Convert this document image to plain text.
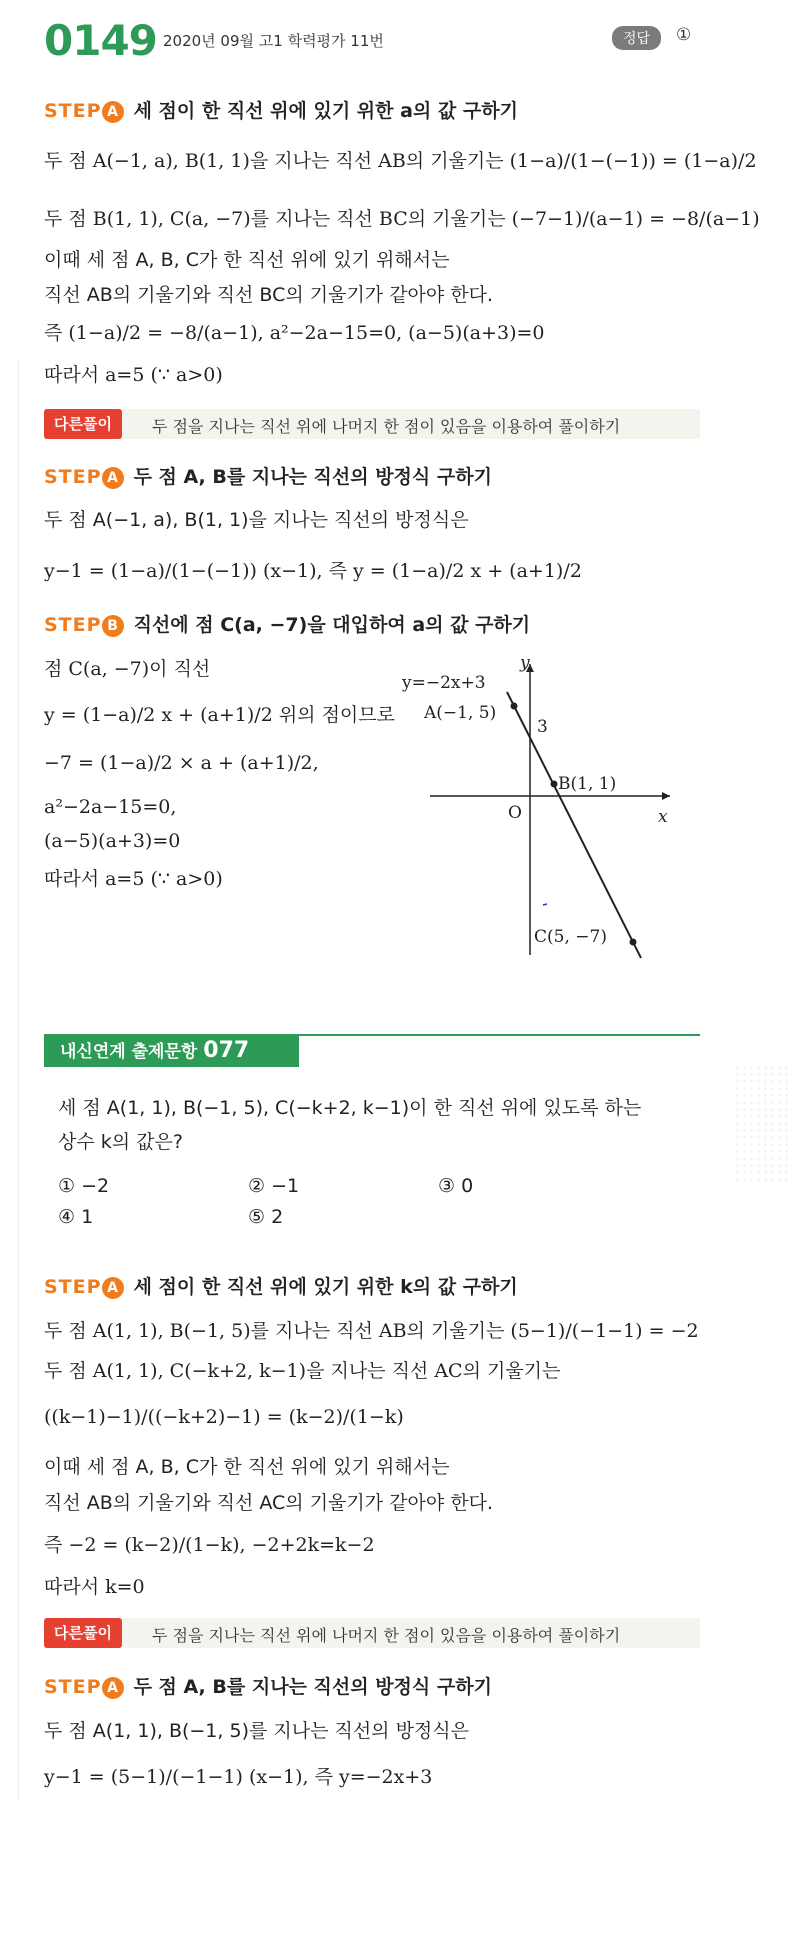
0149 2020년 09월 고1 학력평가 11번	정답	①
STEP A 세 점이 한 직선 위에 있기 위한 a의 값 구하기
두 점 A(−1, a), B(1, 1)을 지나는 직선 AB의 기울기는 (1−a)/(1−(−1)) = (1−a)/2
두 점 B(1, 1), C(a, −7)를 지나는 직선 BC의 기울기는 (−7−1)/(a−1) = −8/(a−1)
이때 세 점 A, B, C가 한 직선 위에 있기 위해서는
직선 AB의 기울기와 직선 BC의 기울기가 같아야 한다.
즉 (1−a)/2 = −8/(a−1), a²−2a−15=0, (a−5)(a+3)=0
따라서 a=5 (∵ a>0)
다른풀이	두 점을 지나는 직선 위에 나머지 한 점이 있음을 이용하여 풀이하기
STEP A 두 점 A, B를 지나는 직선의 방정식 구하기
두 점 A(−1, a), B(1, 1)을 지나는 직선의 방정식은
y−1 = (1−a)/(1−(−1)) (x−1), 즉 y = (1−a)/2 x + (a+1)/2
STEP B 직선에 점 C(a, −7)을 대입하여 a의 값 구하기
점 C(a, −7)이 직선
y = (1−a)/2 x + (a+1)/2 위의 점이므로
−7 = (1−a)/2 × a + (a+1)/2,
a²−2a−15=0,
(a−5)(a+3)=0
따라서 a=5 (∵ a>0)
y=−2x+3
y
x
O
3
A(−1, 5)
B(1, 1)
C(5, −7)
내신연계 출제문항 077
세 점 A(1, 1), B(−1, 5), C(−k+2, k−1)이 한 직선 위에 있도록 하는
상수 k의 값은?
① −2	② −1	③ 0
④ 1	⑤ 2
STEP A 세 점이 한 직선 위에 있기 위한 k의 값 구하기
두 점 A(1, 1), B(−1, 5)를 지나는 직선 AB의 기울기는 (5−1)/(−1−1) = −2
두 점 A(1, 1), C(−k+2, k−1)을 지나는 직선 AC의 기울기는
((k−1)−1)/((−k+2)−1) = (k−2)/(1−k)
이때 세 점 A, B, C가 한 직선 위에 있기 위해서는
직선 AB의 기울기와 직선 AC의 기울기가 같아야 한다.
즉 −2 = (k−2)/(1−k), −2+2k=k−2
따라서 k=0
다른풀이	두 점을 지나는 직선 위에 나머지 한 점이 있음을 이용하여 풀이하기
STEP A 두 점 A, B를 지나는 직선의 방정식 구하기
두 점 A(1, 1), B(−1, 5)를 지나는 직선의 방정식은
y−1 = (5−1)/(−1−1) (x−1), 즉 y=−2x+3
